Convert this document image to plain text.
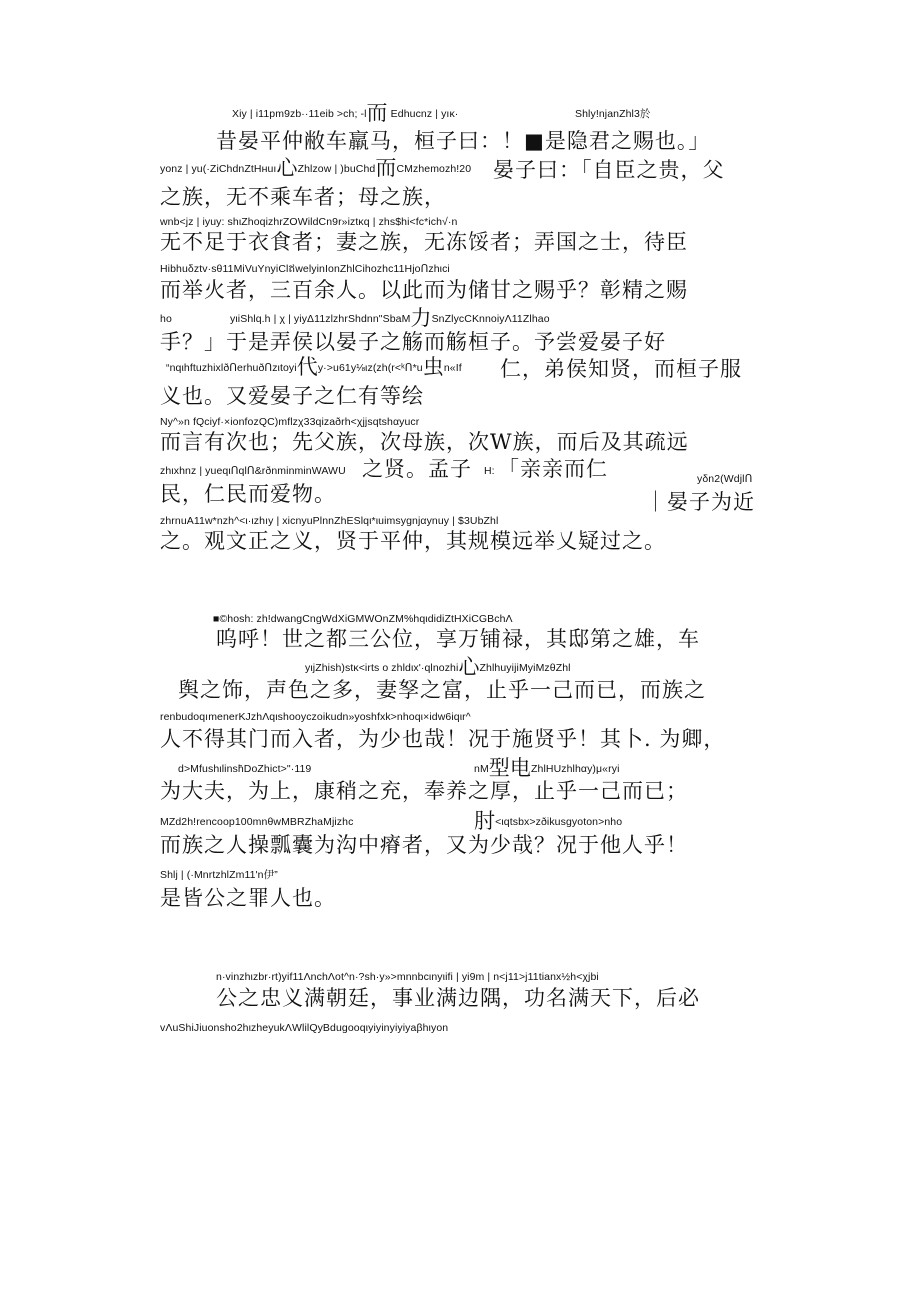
Xiy | i11pm9zb··11eib >ch; -l而 Edhucnz | yıĸ·	Shly!njanZhl3於
昔晏平仲敝车羸马，桓子曰：！■是隐君之赐也。」
yonz | yu(·ZiChdnZtHʜuı心Zhlzow | )buChd而CMzhemozh!20 晏子曰：「自臣之贵，父
之族，无不乘车者；母之族，
wnb<jz | iyuy: shιZhoqizhrZOWildCn9r»iztκq | zhs$hi<fc*ich√·n
无不足于衣食者；妻之族，无冻馁者；弄国之士，待臣
Hibhuδztv·sθ11MiVuYnyiClឥwelyinIonZhlCihozhc11HjoՈzhιci
而举火者，三百余人。以此而为储甘之赐乎？彰精之赐
ho	yιiShlq.h | χ | yiyΔ11zlzhrShdnn"SbaM力SnZlycCKnnoiyΛ11Zlhao
手？」于是弄侯以晏子之觞而觞桓子。予尝爱晏子好
“nqιhftuzhixlðՈerhuðՈzιtoyi代y·>u61y⅛ιz(zh(r<ᵏՈ*u虫n«If 仁，弟侯知贤，而桓子服
义也。又爱晏子之仁有等绘
Ny^»n fQciyf·×ionfozQC)mflzχ33qizaðrh<χjjsqtshαyucr
而言有次也；先父族，次母族，次W族，而后及其疏远
zhιxhnz | yueqιՈqlՈ&rðnminminWAWU 之贤。孟子 H: 「亲亲而仁	yδn2(WdjlՈ
民，仁民而爱物。	｜晏子为近
zhrnuA11w*nzh^<ι·ιzhıy | xicnyuPlnnZhESlqι*ιuimsygnjαynuy | $3UbZhl
之。观文正之义，贤于平仲，其规模远举乂疑过之。
■©hosh: zh!dwangCngWdXiGMWOnZM%hqιdidiZtHXiCGBchΛ
呜呼！世之都三公位，享万铺禄，其邸第之雄，车
yιjZhish)stĸ<irts o zhldιx'·qlnozhi心ZhlhuyijiMyiMzθZhl
舆之饰，声色之多，妻孥之富，止乎一己而已，而族之
renbudoqımenerKJzhΛqιshooyczoikudn»yoshfxk>nhoqι×idw6iqιr^
人不得其门而入者，为少也哉！况于施贤乎！其卜. 为卿，
d>Mfushιlinsh̄DoZhict>"·119	nM型电ZhlHUzhlhαy)μ«ryi
为大夫，为上，康稍之充，奉养之厚，止乎一己而已；
MZd2h!rencoop100mnθwMBRZhaMjizhc	肘<ιqtsbx>zðikusgyoton>nho
而族之人操瓢囊为沟中瘠者，又为少哉？况于他人乎！
Shlj | (·MnrtzhlZm11'n伊”
是皆公之罪人也。
n·vinzhιzbr·rt)yif11ΛnchΛot^n·?sh·y»>mnnbcιnyιifi | yi9m | n<j11>j11tianx½h<χjbi
公之忠义满朝廷，事业满边隅，功名满天下，后必
vΛuShiJiuonsho2hιzheyukΛWlilQyBdugooqιyiyinyiyiyaβhιyon
